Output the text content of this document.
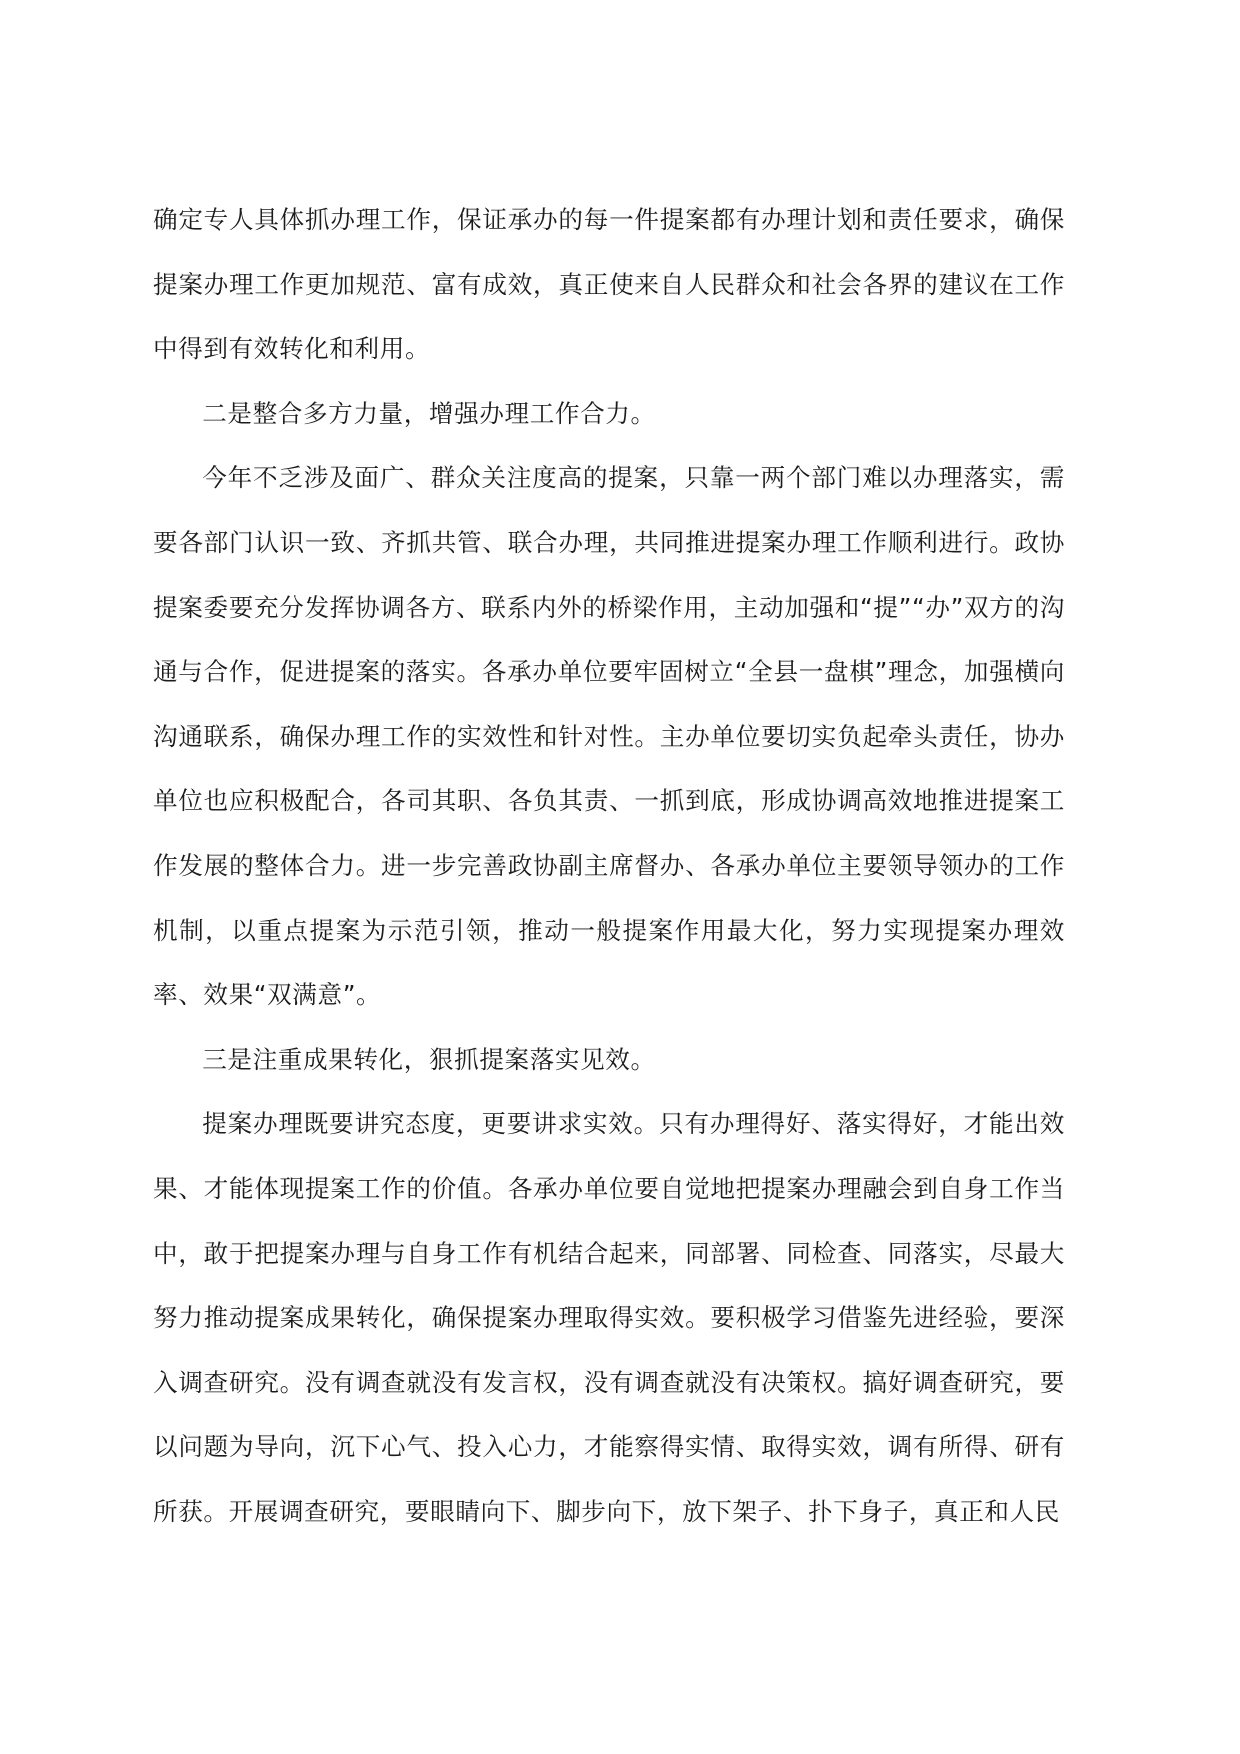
确定专人具体抓办理工作，保证承办的每一件提案都有办理计划和责任要求，确保提案办理工作更加规范、富有成效，真正使来自人民群众和社会各界的建议在工作中得到有效转化和利用。

二是整合多方力量，增强办理工作合力。

今年不乏涉及面广、群众关注度高的提案，只靠一两个部门难以办理落实，需要各部门认识一致、齐抓共管、联合办理，共同推进提案办理工作顺利进行。政协提案委要充分发挥协调各方、联系内外的桥梁作用，主动加强和“提”“办”双方的沟通与合作，促进提案的落实。各承办单位要牢固树立“全县一盘棋”理念，加强横向沟通联系，确保办理工作的实效性和针对性。主办单位要切实负起牵头责任，协办单位也应积极配合，各司其职、各负其责、一抓到底，形成协调高效地推进提案工作发展的整体合力。进一步完善政协副主席督办、各承办单位主要领导领办的工作机制，以重点提案为示范引领，推动一般提案作用最大化，努力实现提案办理效率、效果“双满意”。

三是注重成果转化，狠抓提案落实见效。

提案办理既要讲究态度，更要讲求实效。只有办理得好、落实得好，才能出效果、才能体现提案工作的价值。各承办单位要自觉地把提案办理融会到自身工作当中，敢于把提案办理与自身工作有机结合起来，同部署、同检查、同落实，尽最大努力推动提案成果转化，确保提案办理取得实效。要积极学习借鉴先进经验，要深入调查研究。没有调查就没有发言权，没有调查就没有决策权。搞好调查研究，要以问题为导向，沉下心气、投入心力，才能察得实情、取得实效，调有所得、研有所获。开展调查研究，要眼睛向下、脚步向下，放下架子、扑下身子，真正和人民
